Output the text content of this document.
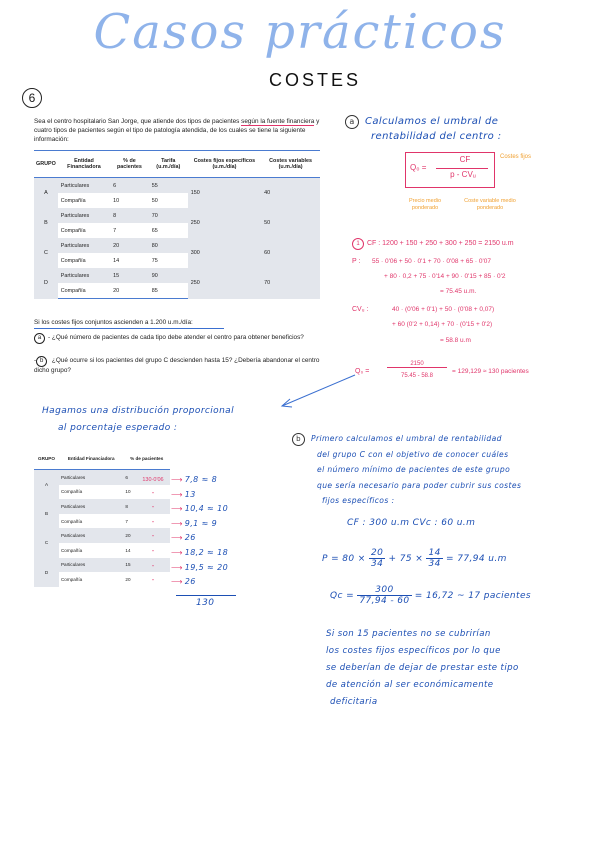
Casos prácticos
COSTES
6
Sea el centro hospitalario San Jorge, que atiende dos tipos de pacientes según la fuente financiera y cuatro tipos de pacientes según el tipo de patología atendida, de los cuales se tiene la siguiente información:
GRUPO	Entidad Financiadora	% de pacientes	Tarifa (u.m./día)	Costes fijos específicos (u.m./día)	Costes variables (u.m./día)
A	Particulares	6	55	150	40
	Compañía	10	50		
B	Particulares	8	70	250	50
	Compañía	7	65		
C	Particulares	20	80	300	60
	Compañía	14	75		
D	Particulares	15	90	250	70
	Compañía	20	85		
Si los costes fijos conjuntos ascienden a 1.200 u.m./día:
a - ¿Qué número de pacientes de cada tipo debe atender el centro para obtener beneficios?
- b ¿Qué ocurre si los pacientes del grupo C descienden hasta 15? ¿Debería abandonar el centro dicho grupo?
a Calculamos el umbral de
rentabilidad del centro :
Q₀ =
CF
p - CVᵤ
Costes fijos
Precio medio ponderado
Coste variable medio ponderado
1 CF : 1200 + 150 + 250 + 300 + 250 = 2150 u.m
P : 55 · 0'06 + 50 · 0'1 + 70 · 0'08 + 65 · 0'07
+ 80 · 0,2 + 75 · 0'14 + 90 · 0'15 + 85 · 0'2
= 75.45 u.m.
CVᵤ :	40 · (0'06 + 0'1) + 50 · (0'08 + 0,07)
+ 60 (0'2 + 0,14) + 70 · (0'15 + 0'2)
= 58.8 u.m
Q₀ =
2150
75.45 - 58.8
= 129,129 ≈ 130 pacientes
Hagamos una distribución proporcional
al porcentaje esperado :
GRUPO	Entidad Financiadora	% de pacientes
A	Particulares	6
	Compañía	10
B	Particulares	8
	Compañía	7
C	Particulares	20
	Compañía	14
D	Particulares	15
	Compañía	20
130·0'06
"
"
"
"
"
"
"
⟶ 7,8 ≈ 8
⟶ 13
⟶ 10,4 ≈ 10
⟶ 9,1 ≈ 9
⟶ 26
⟶ 18,2 ≈ 18
⟶ 19,5 ≈ 20
⟶ 26
130
b Primero calculamos el umbral de rentabilidad
del grupo C con el objetivo de conocer cuáles
el número mínimo de pacientes de este grupo
que sería necesario para poder cubrir sus costes
fijos específicos :
CF : 300 u.m CVc : 60 u.m
$P = 80 \times \frac{20}{34} + 75 \times \frac{14}{34} = 77,94$ u.m
$Qc = \frac{300}{77,94 - 60} = 16,72$ ~ 17 pacientes
Si son 15 pacientes no se cubrirían
los costes fijos específicos por lo que
se deberían de dejar de prestar este tipo
de atención al ser económicamente
deficitaria
